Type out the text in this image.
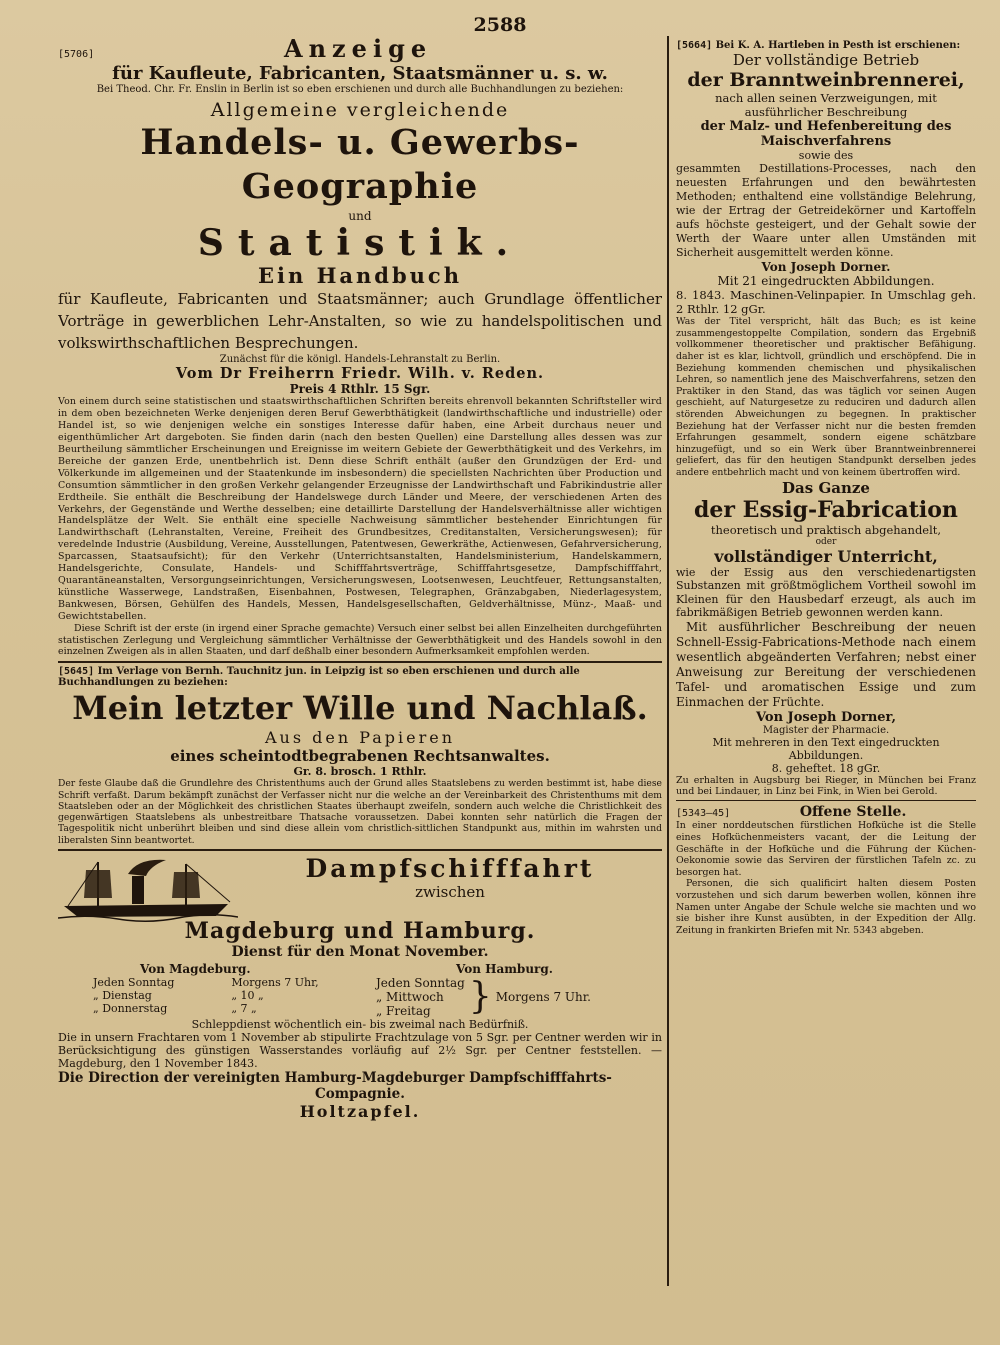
2588
[5706]	Anzeige
für Kaufleute, Fabricanten, Staatsmänner u. s. w.
Bei Theod. Chr. Fr. Enslin in Berlin ist so eben erschienen und durch alle Buchhandlungen zu beziehen:
Allgemeine vergleichende
Handels- u. Gewerbs-Geographie
und
Statistik.
Ein Handbuch
für Kaufleute, Fabricanten und Staatsmänner; auch Grundlage öffentlicher Vorträge in gewerblichen Lehr-Anstalten, so wie zu handelspolitischen und volkswirthschaftlichen Besprechungen.
Zunächst für die königl. Handels-Lehranstalt zu Berlin.
Vom Dr Freiherrn Friedr. Wilh. v. Reden.
Preis 4 Rthlr. 15 Sgr.
Von einem durch seine statistischen und staatswirthschaftlichen Schriften bereits ehrenvoll bekannten Schriftsteller wird in dem oben bezeichneten Werke denjenigen deren Beruf Gewerbthätigkeit (landwirthschaftliche und industrielle) oder Handel ist, so wie denjenigen welche ein sonstiges Interesse dafür haben, eine Arbeit durchaus neuer und eigenthümlicher Art dargeboten. Sie finden darin (nach den besten Quellen) eine Darstellung alles dessen was zur Beurtheilung sämmtlicher Erscheinungen und Ereignisse im weitern Gebiete der Gewerbthätigkeit und des Verkehrs, im Bereiche der ganzen Erde, unentbehrlich ist. Denn diese Schrift enthält (außer den Grundzügen der Erd- und Völkerkunde im allgemeinen und der Staatenkunde im insbesondern) die speciellsten Nachrichten über Production und Consumtion sämmtlicher in den großen Verkehr gelangender Erzeugnisse der Landwirthschaft und Fabrikindustrie aller Erdtheile. Sie enthält die Beschreibung der Handelswege durch Länder und Meere, der verschiedenen Arten des Verkehrs, der Gegenstände und Werthe desselben; eine detaillirte Darstellung der Handelsverhältnisse aller wichtigen Handelsplätze der Welt. Sie enthält eine specielle Nachweisung sämmtlicher bestehender Einrichtungen für Landwirthschaft (Lehranstalten, Vereine, Freiheit des Grundbesitzes, Creditanstalten, Versicherungswesen); für veredelnde Industrie (Ausbildung, Vereine, Ausstellungen, Patentwesen, Gewerkräthe, Actienwesen, Gefahrversicherung, Sparcassen, Staatsaufsicht); für den Verkehr (Unterrichtsanstalten, Handelsministerium, Handelskammern, Handelsgerichte, Consulate, Handels- und Schifffahrtsverträge, Schifffahrtsgesetze, Dampfschifffahrt, Quarantäneanstalten, Versorgungseinrichtungen, Versicherungswesen, Lootsenwesen, Leuchtfeuer, Rettungsanstalten, künstliche Wasserwege, Landstraßen, Eisenbahnen, Postwesen, Telegraphen, Gränzabgaben, Niederlagesystem, Bankwesen, Börsen, Gehülfen des Handels, Messen, Handelsgesellschaften, Geldverhältnisse, Münz-, Maaß- und Gewichtstabellen.
Diese Schrift ist der erste (in irgend einer Sprache gemachte) Versuch einer selbst bei allen Einzelheiten durchgeführten statistischen Zerlegung und Vergleichung sämmtlicher Verhältnisse der Gewerbthätigkeit und des Handels sowohl in den einzelnen Zweigen als in allen Staaten, und darf deßhalb einer besondern Aufmerksamkeit empfohlen werden.
[5645] Im Verlage von Bernh. Tauchnitz jun. in Leipzig ist so eben erschienen und durch alle Buchhandlungen zu beziehen:
Mein letzter Wille und Nachlaß.
Aus den Papieren
eines scheintodtbegrabenen Rechtsanwaltes.
Gr. 8. brosch. 1 Rthlr.
Der feste Glaube daß die Grundlehre des Christenthums auch der Grund alles Staatslebens zu werden bestimmt ist, habe diese Schrift verfaßt. Darum bekämpft zunächst der Verfasser nicht nur die welche an der Vereinbarkeit des Christenthums mit dem Staatsleben oder an der Möglichkeit des christlichen Staates überhaupt zweifeln, sondern auch welche die Christlichkeit des gegenwärtigen Staatslebens als unbestreitbare Thatsache voraussetzen. Dabei konnten sehr natürlich die Fragen der Tagespolitik nicht unberührt bleiben und sind diese allein vom christlich-sittlichen Standpunkt aus, mithin im wahrsten und liberalsten Sinn beantwortet.
Dampfschifffahrt
zwischen
Magdeburg und Hamburg.
Dienst für den Monat November.
Von Magdeburg.
Jeden Sonntag	Morgens 7 Uhr,
„ Dienstag	„ 10 „
„ Donnerstag	„ 7 „
Von Hamburg.
Jeden Sonntag
„ Mittwoch
„ Freitag	} Morgens 7 Uhr.
Schleppdienst wöchentlich ein- bis zweimal nach Bedürfniß.
Die in unsern Frachtaren vom 1 November ab stipulirte Frachtzulage von 5 Sgr. per Centner werden wir in Berücksichtigung des günstigen Wasserstandes vorläufig auf 2½ Sgr. per Centner feststellen. — Magdeburg, den 1 November 1843.
Die Direction der vereinigten Hamburg-Magdeburger Dampfschifffahrts-
Compagnie.
Holtzapfel.
[5664] Bei K. A. Hartleben in Pesth ist erschienen:
Der vollständige Betrieb
der Branntweinbrennerei,
nach allen seinen Verzweigungen, mit ausführlicher Beschreibung
der Malz- und Hefenbereitung des Maischverfahrens
sowie des
gesammten Destillations-Processes, nach den neuesten Erfahrungen und den bewährtesten Methoden; enthaltend eine vollständige Belehrung, wie der Ertrag der Getreidekörner und Kartoffeln aufs höchste gesteigert, und der Gehalt sowie der Werth der Waare unter allen Umständen mit Sicherheit ausgemittelt werden könne.
Von Joseph Dorner.
Mit 21 eingedruckten Abbildungen.
8. 1843. Maschinen-Velinpapier. In Umschlag geh. 2 Rthlr. 12 gGr.
Was der Titel verspricht, hält das Buch; es ist keine zusammengestoppelte Compilation, sondern das Ergebniß vollkommener theoretischer und praktischer Befähigung. daher ist es klar, lichtvoll, gründlich und erschöpfend. Die in Beziehung kommenden chemischen und physikalischen Lehren, so namentlich jene des Maischverfahrens, setzen den Praktiker in den Stand, das was täglich vor seinen Augen geschieht, auf Naturgesetze zu reduciren und dadurch allen störenden Abweichungen zu begegnen. In praktischer Beziehung hat der Verfasser nicht nur die besten fremden Erfahrungen gesammelt, sondern eigene schätzbare hinzugefügt, und so ein Werk über Branntweinbrennerei geliefert, das für den heutigen Standpunkt derselben jedes andere entbehrlich macht und von keinem übertroffen wird.
Das Ganze
der Essig-Fabrication
theoretisch und praktisch abgehandelt,
oder
vollständiger Unterricht,
wie der Essig aus den verschiedenartigsten Substanzen mit größtmöglichem Vortheil sowohl im Kleinen für den Hausbedarf erzeugt, als auch im fabrikmäßigen Betrieb gewonnen werden kann.
Mit ausführlicher Beschreibung der neuen Schnell-Essig-Fabrications-Methode nach einem wesentlich abgeänderten Verfahren; nebst einer Anweisung zur Bereitung der verschiedenen Tafel- und aromatischen Essige und zum Einmachen der Früchte.
Von Joseph Dorner,
Magister der Pharmacie.
Mit mehreren in den Text eingedruckten Abbildungen.
8. geheftet. 18 gGr.
Zu erhalten in Augsburg bei Rieger, in München bei Franz und bei Lindauer, in Linz bei Fink, in Wien bei Gerold.
[5343—45]	Offene Stelle.
In einer norddeutschen fürstlichen Hofküche ist die Stelle eines Hofküchenmeisters vacant, der die Leitung der Geschäfte in der Hofküche und die Führung der Küchen-Oekonomie sowie das Serviren der fürstlichen Tafeln zc. zu besorgen hat.
Personen, die sich qualificirt halten diesem Posten vorzustehen und sich darum bewerben wollen, können ihre Namen unter Angabe der Schule welche sie machten und wo sie bisher ihre Kunst ausübten, in der Expedition der Allg. Zeitung in frankirten Briefen mit Nr. 5343 abgeben.
